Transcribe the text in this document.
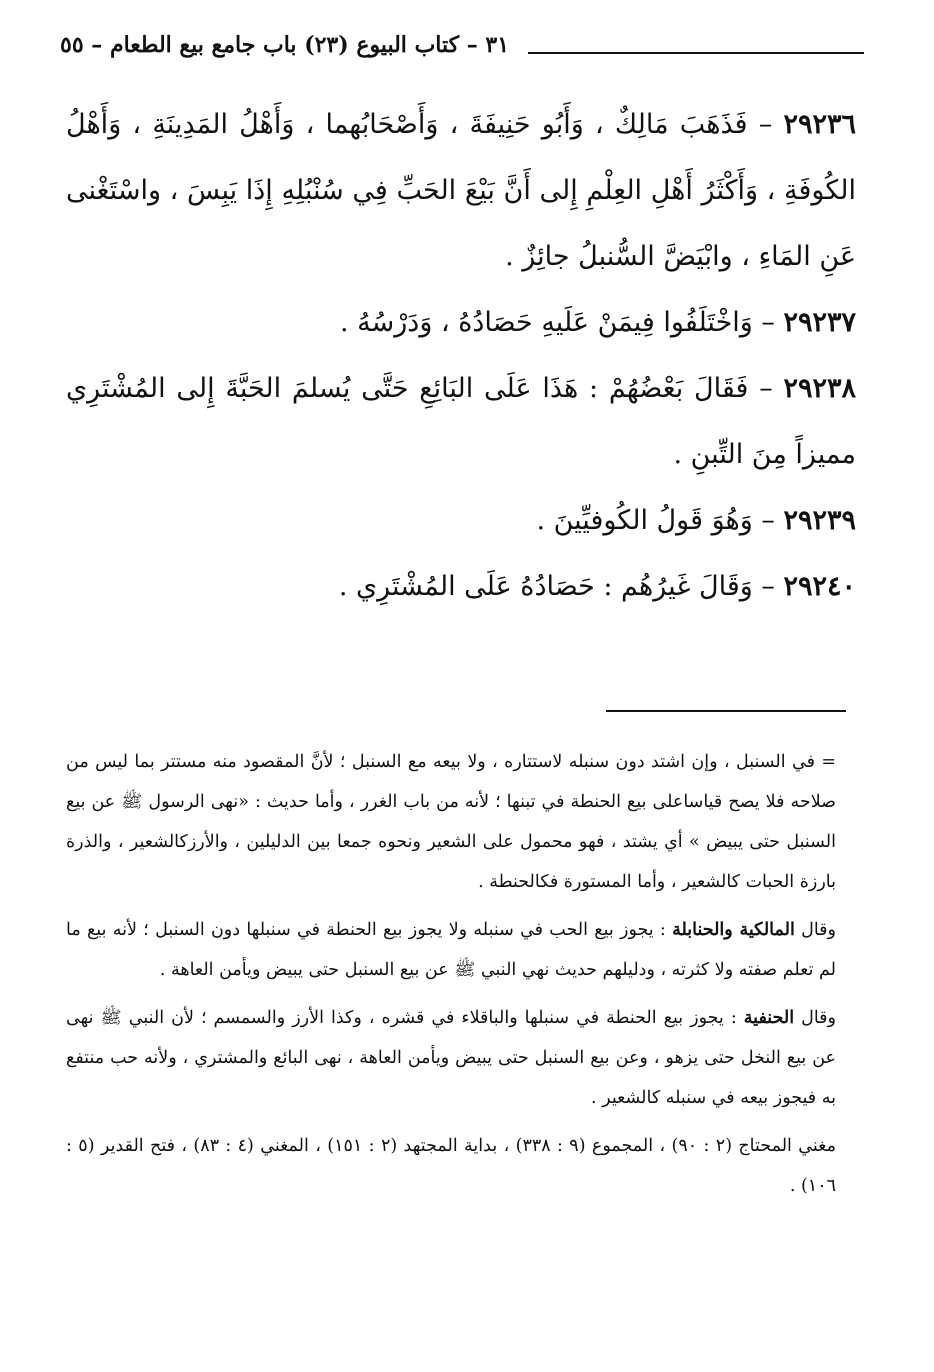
٣١ – كتاب البيوع (٢٣) باب جامع بيع الطعام – ٥٥

٢٩٢٣٦ – فَذَهَبَ مَالِكٌ ، وَأَبُو حَنِيفَةَ ، وَأَصْحَابُهما ، وَأَهْلُ المَدِينَةِ ، وَأَهْلُ الكُوفَةِ ، وَأَكْثَرُ أَهْلِ العِلْمِ إِلى أَنَّ بَيْعَ الحَبِّ فِي سُنْبُلِهِ إِذَا يَبِسَ ، واسْتَغْنى عَنِ المَاءِ ، وابْيَضَّ السُّنبلُ جائِزٌ .

٢٩٢٣٧ – وَاخْتَلَفُوا فِيمَنْ عَلَيهِ حَصَادُهُ ، وَدَرْسُهُ .

٢٩٢٣٨ – فَقَالَ بَعْضُهُمْ : هَذَا عَلَى البَائِعِ حَتَّى يُسلمَ الحَبَّةَ إِلى المُشْتَرِي مميزاً مِنَ التِّبنِ .

٢٩٢٣٩ – وَهُوَ قَولُ الكُوفيِّينَ .

٢٩٢٤٠ – وَقَالَ غَيرُهُم : حَصَادُهُ عَلَى المُشْتَرِي .

= في السنبل ، وإن اشتد دون سنبله لاستتاره ، ولا بيعه مع السنبل ؛ لأنَّ المقصود منه مستتر بما ليس من صلاحه فلا يصح قياساعلى بيع الحنطة في تبنها ؛ لأنه من باب الغرر ، وأما حديث : «نهى الرسول ﷺ عن بيع السنبل حتى يبيض » أي يشتد ، فهو محمول على الشعير ونحوه جمعا بين الدليلين ، والأرزكالشعير ، والذرة بارزة الحبات كالشعير ، وأما المستورة فكالحنطة .

وقال المالكية والحنابلة : يجوز بيع الحب في سنبله ولا يجوز بيع الحنطة في سنبلها دون السنبل ؛ لأنه بيع ما لم تعلم صفته ولا كثرته ، ودليلهم حديث نهي النبي ﷺ عن بيع السنبل حتى يبيض ويأمن العاهة .

وقال الحنفية : يجوز بيع الحنطة في سنبلها والباقلاء في قشره ، وكذا الأرز والسمسم ؛ لأن النبي ﷺ نهى عن بيع النخل حتى يزهو ، وعن بيع السنبل حتى يبيض ويأمن العاهة ، نهى البائع والمشتري ، ولأنه حب منتفع به فيجوز بيعه في سنبله كالشعير .

مغني المحتاج (٢ : ٩٠) ، المجموع (٩ : ٣٣٨) ، بداية المجتهد (٢ : ١٥١) ، المغني (٤ : ٨٣) ، فتح القدير (٥ : ١٠٦) .
